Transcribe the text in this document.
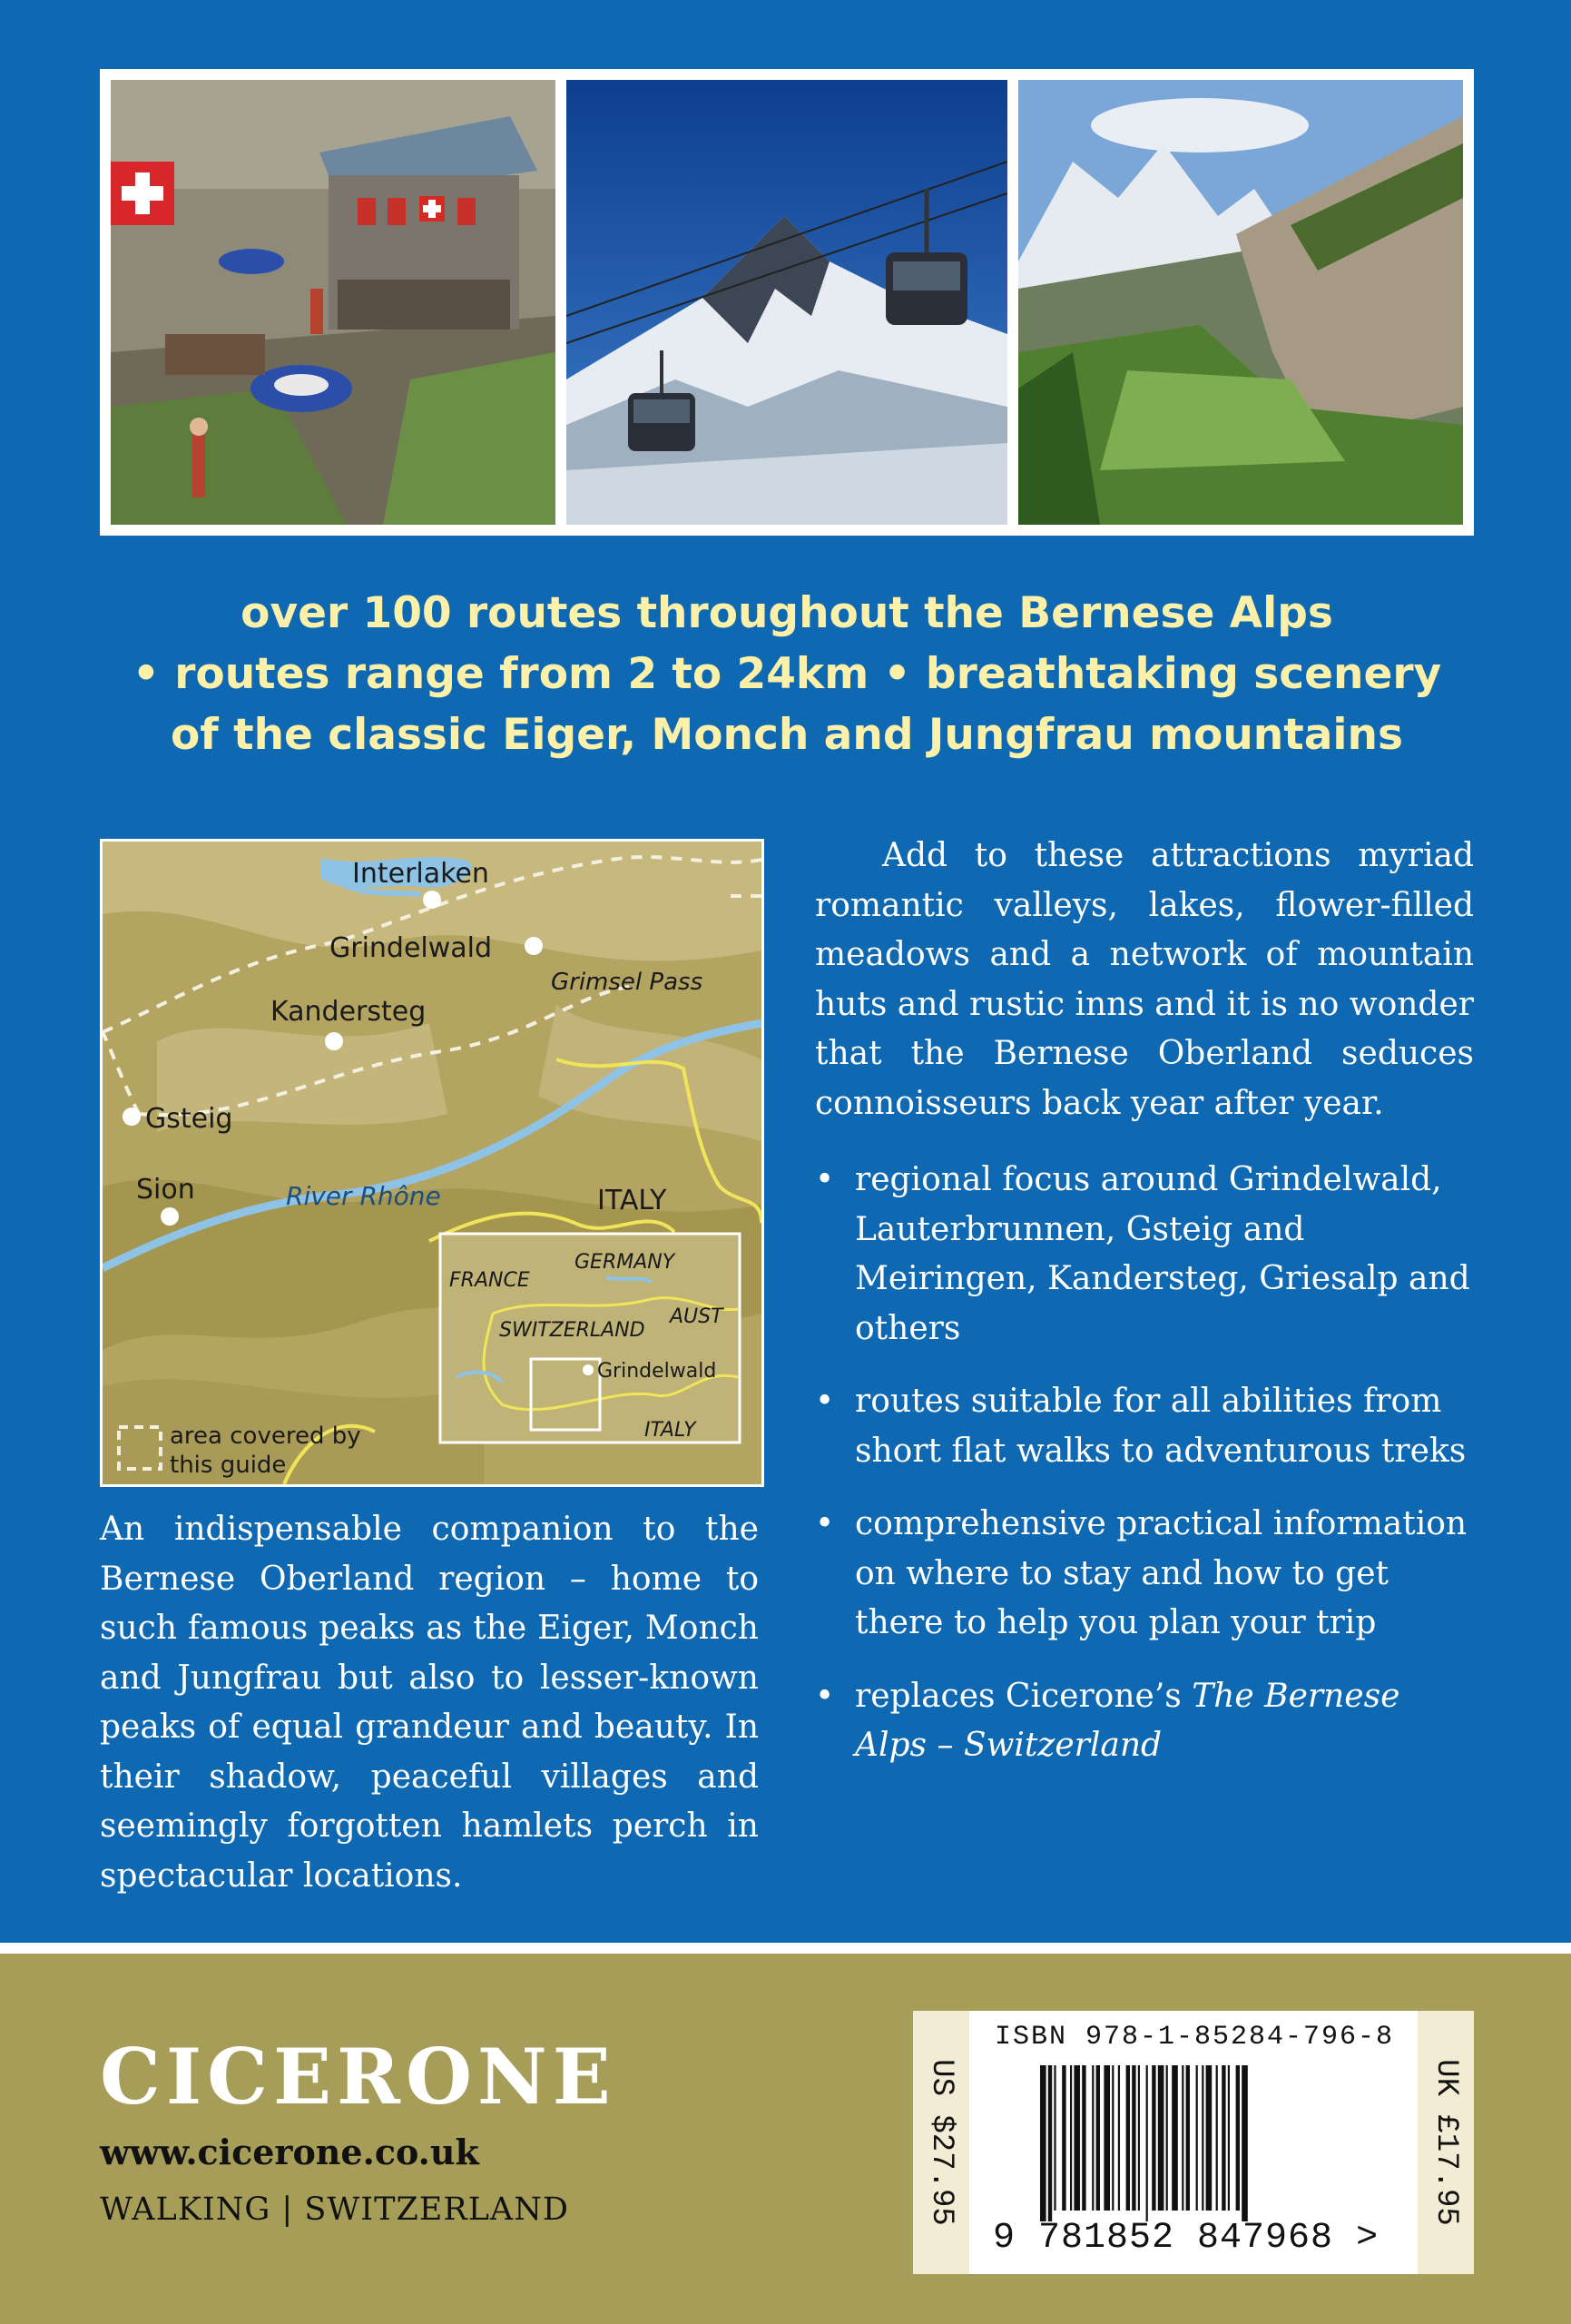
over 100 routes throughout the Bernese Alps
• routes range from 2 to 24km • breathtaking scenery
of the classic Eiger, Monch and Jungfrau mountains
Interlaken
Grindelwald
Kandersteg
Gsteig
Sion
Grimsel Pass
River Rhône	ITALY
FRANCE
GERMANY
SWITZERLAND
AUST
Grindelwald
ITALY
area covered by
this guide
An indispensable companion to the Bernese Oberland region – home to such famous peaks as the Eiger, Monch and Jungfrau but also to lesser-known peaks of equal grandeur and beauty. In their shadow, peaceful villages and seemingly forgotten hamlets perch in spectacular locations.

Add to these attractions myriad romantic valleys, lakes, flower-filled meadows and a network of mountain huts and rustic inns and it is no wonder that the Bernese Oberland seduces connoisseurs back year after year.

• regional focus around Grindelwald, Lauterbrunnen, Gsteig and Meiringen, Kandersteg, Griesalp and others
• routes suitable for all abilities from short flat walks to adventurous treks
• comprehensive practical information on where to stay and how to get there to help you plan your trip
• replaces Cicerone’s The Bernese Alps – Switzerland
CICERONE
www.cicerone.co.uk
WALKING | SWITZERLAND	US $27.95	UK £17.95
ISBN 978-1-85284-796-8
9 781852 847968 >
